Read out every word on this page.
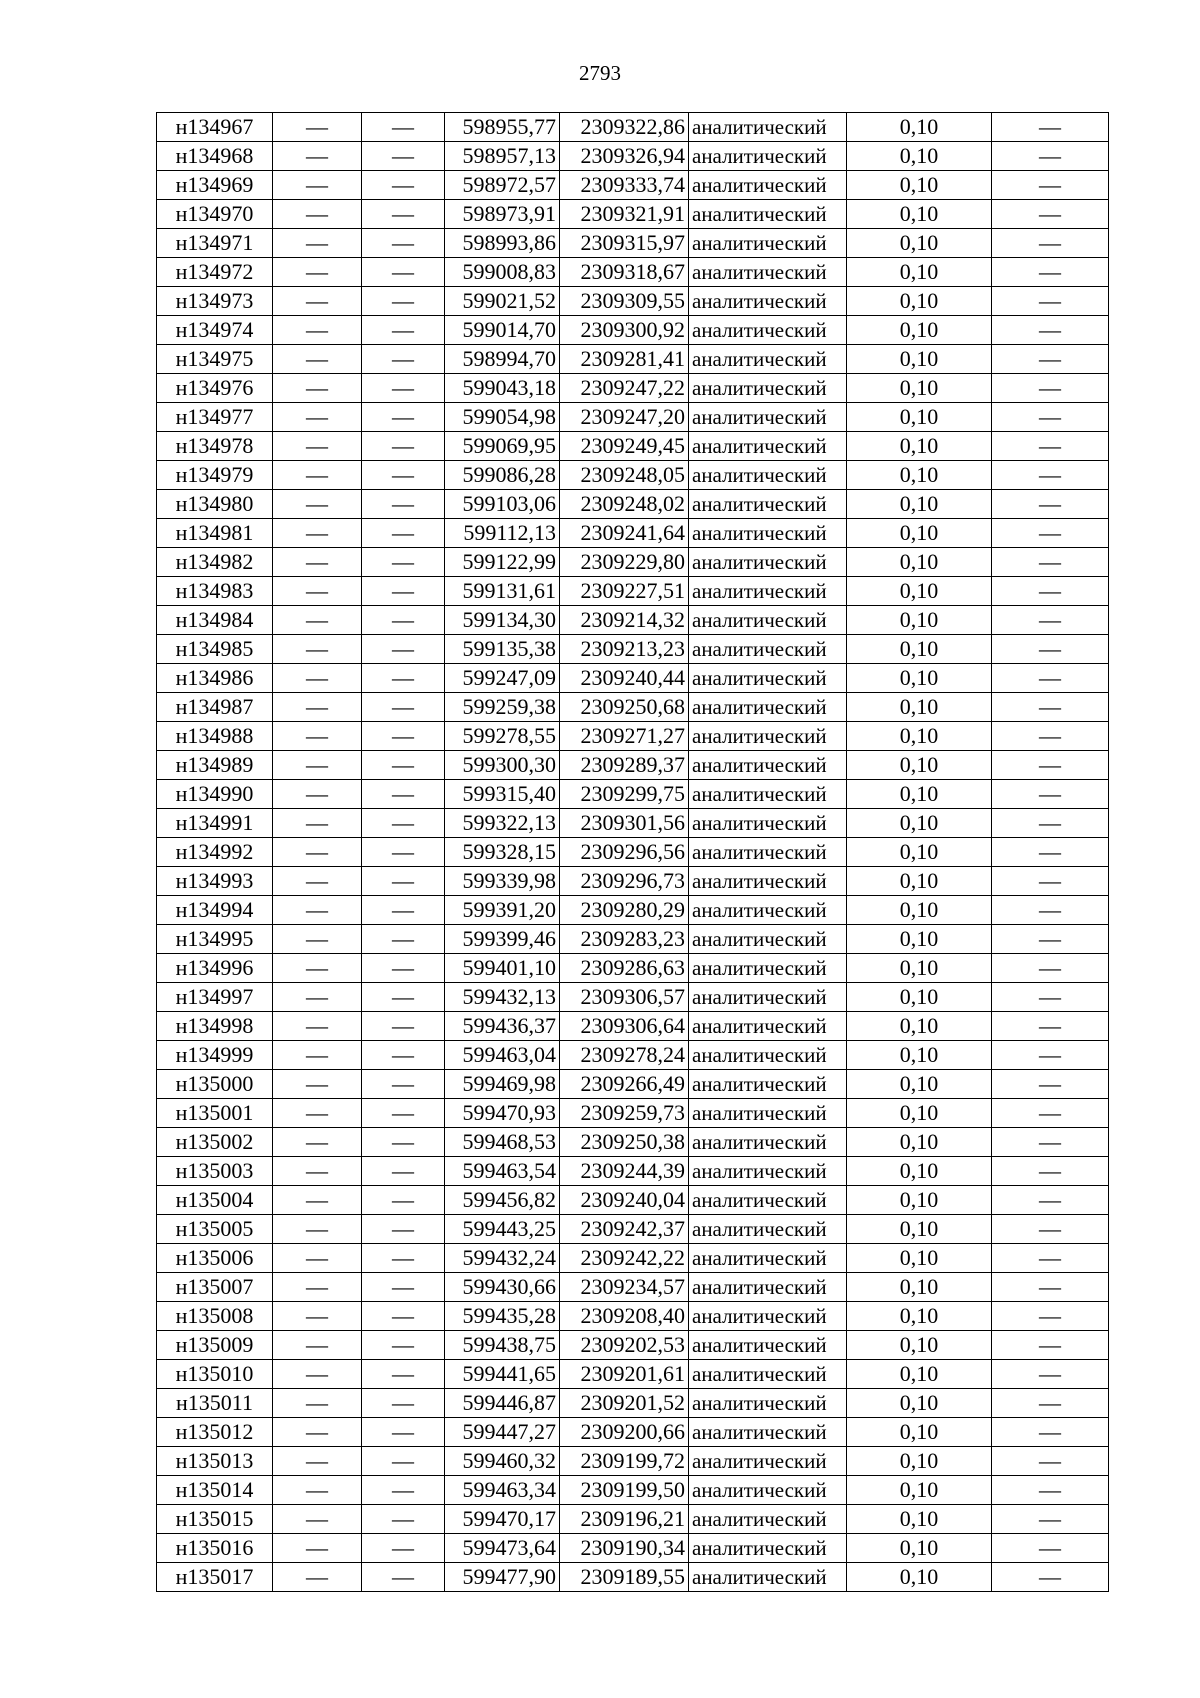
2793
н134967	—	—	598955,77	2309322,86	аналитический	0,10	—
н134968	—	—	598957,13	2309326,94	аналитический	0,10	—
н134969	—	—	598972,57	2309333,74	аналитический	0,10	—
н134970	—	—	598973,91	2309321,91	аналитический	0,10	—
н134971	—	—	598993,86	2309315,97	аналитический	0,10	—
н134972	—	—	599008,83	2309318,67	аналитический	0,10	—
н134973	—	—	599021,52	2309309,55	аналитический	0,10	—
н134974	—	—	599014,70	2309300,92	аналитический	0,10	—
н134975	—	—	598994,70	2309281,41	аналитический	0,10	—
н134976	—	—	599043,18	2309247,22	аналитический	0,10	—
н134977	—	—	599054,98	2309247,20	аналитический	0,10	—
н134978	—	—	599069,95	2309249,45	аналитический	0,10	—
н134979	—	—	599086,28	2309248,05	аналитический	0,10	—
н134980	—	—	599103,06	2309248,02	аналитический	0,10	—
н134981	—	—	599112,13	2309241,64	аналитический	0,10	—
н134982	—	—	599122,99	2309229,80	аналитический	0,10	—
н134983	—	—	599131,61	2309227,51	аналитический	0,10	—
н134984	—	—	599134,30	2309214,32	аналитический	0,10	—
н134985	—	—	599135,38	2309213,23	аналитический	0,10	—
н134986	—	—	599247,09	2309240,44	аналитический	0,10	—
н134987	—	—	599259,38	2309250,68	аналитический	0,10	—
н134988	—	—	599278,55	2309271,27	аналитический	0,10	—
н134989	—	—	599300,30	2309289,37	аналитический	0,10	—
н134990	—	—	599315,40	2309299,75	аналитический	0,10	—
н134991	—	—	599322,13	2309301,56	аналитический	0,10	—
н134992	—	—	599328,15	2309296,56	аналитический	0,10	—
н134993	—	—	599339,98	2309296,73	аналитический	0,10	—
н134994	—	—	599391,20	2309280,29	аналитический	0,10	—
н134995	—	—	599399,46	2309283,23	аналитический	0,10	—
н134996	—	—	599401,10	2309286,63	аналитический	0,10	—
н134997	—	—	599432,13	2309306,57	аналитический	0,10	—
н134998	—	—	599436,37	2309306,64	аналитический	0,10	—
н134999	—	—	599463,04	2309278,24	аналитический	0,10	—
н135000	—	—	599469,98	2309266,49	аналитический	0,10	—
н135001	—	—	599470,93	2309259,73	аналитический	0,10	—
н135002	—	—	599468,53	2309250,38	аналитический	0,10	—
н135003	—	—	599463,54	2309244,39	аналитический	0,10	—
н135004	—	—	599456,82	2309240,04	аналитический	0,10	—
н135005	—	—	599443,25	2309242,37	аналитический	0,10	—
н135006	—	—	599432,24	2309242,22	аналитический	0,10	—
н135007	—	—	599430,66	2309234,57	аналитический	0,10	—
н135008	—	—	599435,28	2309208,40	аналитический	0,10	—
н135009	—	—	599438,75	2309202,53	аналитический	0,10	—
н135010	—	—	599441,65	2309201,61	аналитический	0,10	—
н135011	—	—	599446,87	2309201,52	аналитический	0,10	—
н135012	—	—	599447,27	2309200,66	аналитический	0,10	—
н135013	—	—	599460,32	2309199,72	аналитический	0,10	—
н135014	—	—	599463,34	2309199,50	аналитический	0,10	—
н135015	—	—	599470,17	2309196,21	аналитический	0,10	—
н135016	—	—	599473,64	2309190,34	аналитический	0,10	—
н135017	—	—	599477,90	2309189,55	аналитический	0,10	—
